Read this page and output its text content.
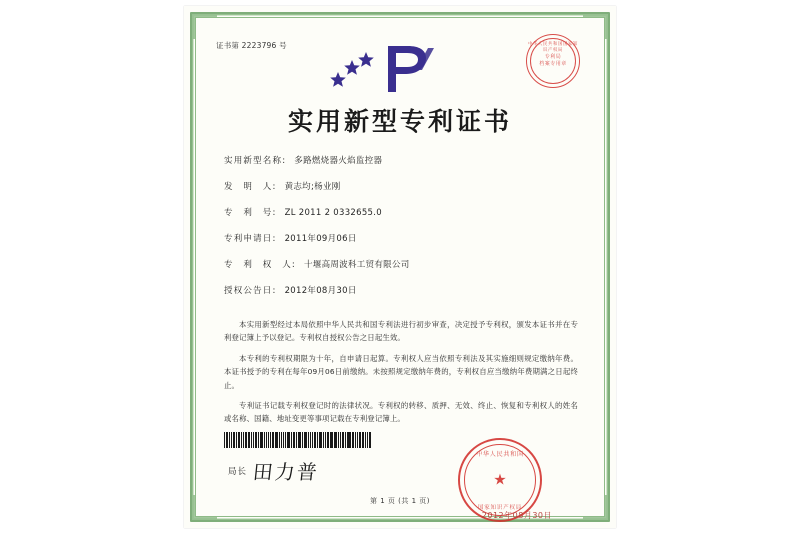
证书第 2223796 号	中华人民共和国国家知识产权局
专利局
档案专用章
实用新型专利证书
实用新型名称: 多路燃烧器火焰监控器
发　明　人: 黄志均;杨业刚
专　利　号: ZL 2011 2 0332655.0
专利申请日: 2011年09月06日
专　利　权　人: 十堰高周波科工贸有限公司
授权公告日: 2012年08月30日

本实用新型经过本局依照中华人民共和国专利法进行初步审查，决定授予专利权，颁发本证书并在专利登记簿上予以登记。专利权自授权公告之日起生效。

本专利的专利权期限为十年，自申请日起算。专利权人应当依照专利法及其实施细则规定缴纳年费。本证书授予的专利在每年09月06日前缴纳。未按照规定缴纳年费的，专利权自应当缴纳年费期满之日起终止。

专利证书记载专利权登记时的法律状况。专利权的转移、质押、无效、终止、恢复和专利权人的姓名或名称、国籍、地址变更等事项记载在专利登记簿上。

局长 田力普
中华人民共和国
★
国家知识产权局
2012年08月30日
第 1 页 (共 1 页)
